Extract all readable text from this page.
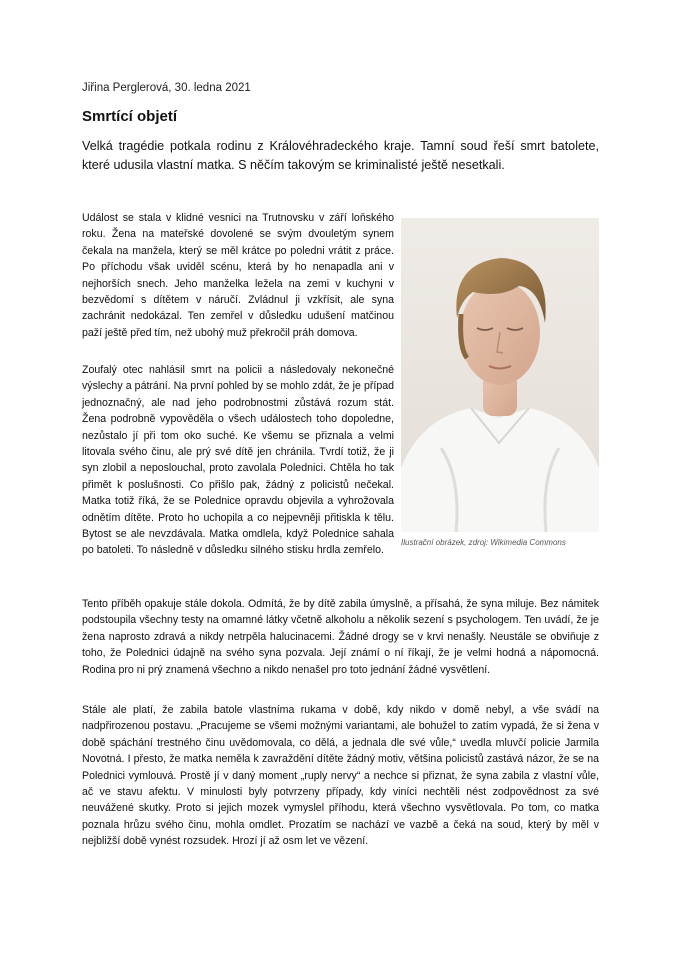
Jiřina Perglerová, 30. ledna 2021
Smrtící objetí

Velká tragédie potkala rodinu z Královéhradeckého kraje. Tamní soud řeší smrt batolete, které udusila vlastní matka. S něčím takovým se kriminalisté ještě nesetkali.

Událost se stala v klidné vesnici na Trutnovsku v září loňského roku. Žena na mateřské dovolené se svým dvouletým synem čekala na manžela, který se měl krátce po poledni vrátit z práce. Po příchodu však uviděl scénu, která by ho nenapadla ani v nejhorších snech. Jeho manželka ležela na zemi v kuchyni v bezvědomí s dítětem v náručí. Zvládnul ji vzkřísit, ale syna zachránit nedokázal. Ten zemřel v důsledku udušení matčinou paží ještě před tím, než ubohý muž překročil práh domova.

Zoufalý otec nahlásil smrt na policii a následovaly nekonečné výslechy a pátrání. Na první pohled by se mohlo zdát, že je případ jednoznačný, ale nad jeho podrobnostmi zůstává rozum stát. Žena podrobně vypověděla o všech událostech toho dopoledne, nezůstalo jí při tom oko suché. Ke všemu se přiznala a velmi litovala svého činu, ale prý své dítě jen chránila. Tvrdí totiž, že ji syn zlobil a neposlouchal, proto zavolala Polednici. Chtěla ho tak přimět k poslušnosti. Co přišlo pak, žádný z policistů nečekal. Matka totiž říká, že se Polednice opravdu objevila a vyhrožovala odnětím dítěte. Proto ho uchopila a co nejpevněji přitiskla k tělu. Bytost se ale nevzdávala. Matka omdlela, když Polednice sahala po batoleti. To následně v důsledku silného stisku hrdla zemřelo.

Ilustrační obrázek, zdroj: Wikimedia Commons

Tento příběh opakuje stále dokola. Odmítá, že by dítě zabila úmyslně, a přísahá, že syna miluje. Bez námitek podstoupila všechny testy na omamné látky včetně alkoholu a několik sezení s psychologem. Ten uvádí, že je žena naprosto zdravá a nikdy netrpěla halucinacemi. Žádné drogy se v krvi nenašly. Neustále se obviňuje z toho, že Polednici údajně na svého syna pozvala. Její známí o ní říkají, že je velmi hodná a nápomocná. Rodina pro ni prý znamená všechno a nikdo nenašel pro toto jednání žádné vysvětlení.

Stále ale platí, že zabila batole vlastníma rukama v době, kdy nikdo v domě nebyl, a vše svádí na nadpřirozenou postavu. „Pracujeme se všemi možnými variantami, ale bohužel to zatím vypadá, že si žena v době spáchání trestného činu uvědomovala, co dělá, a jednala dle své vůle,“ uvedla mluvčí policie Jarmila Novotná. I přesto, že matka neměla k zavraždění dítěte žádný motiv, většina policistů zastává názor, že se na Polednici vymlouvá. Prostě jí v daný moment „ruply nervy“ a nechce si přiznat, že syna zabila z vlastní vůle, ač ve stavu afektu. V minulosti byly potvrzeny případy, kdy viníci nechtěli nést zodpovědnost za své neuvážené skutky. Proto si jejich mozek vymyslel příhodu, která všechno vysvětlovala. Po tom, co matka poznala hrůzu svého činu, mohla omdlet. Prozatím se nachází ve vazbě a čeká na soud, který by měl v nejbližší době vynést rozsudek. Hrozí jí až osm let ve vězení.
